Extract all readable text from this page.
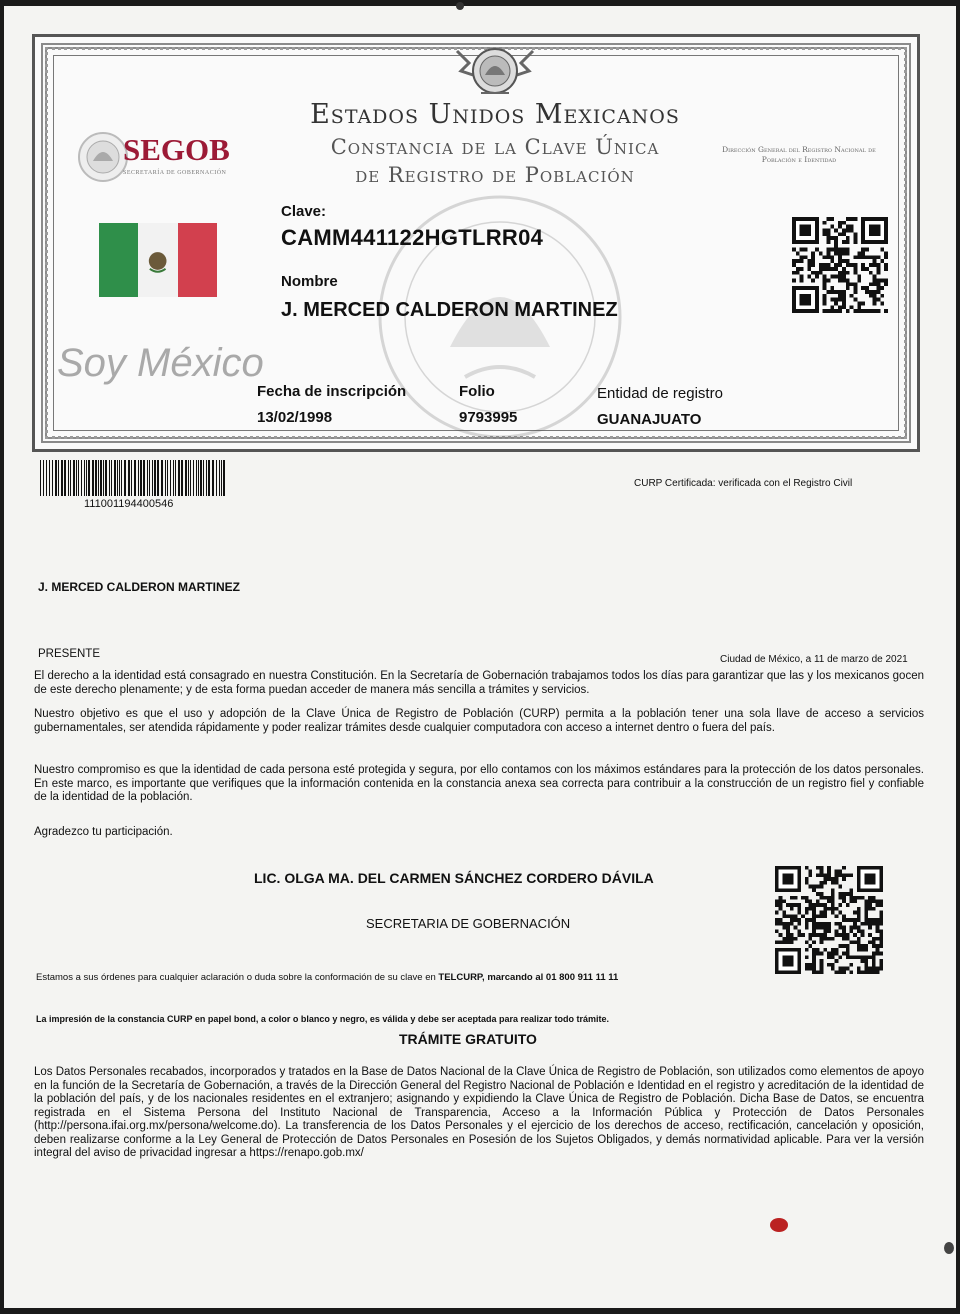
Estados Unidos Mexicanos
Constancia de la Clave Única
de Registro de Población
SEGOB
SECRETARÍA DE GOBERNACIÓN
Dirección General del Registro Nacional de Población e Identidad
Clave:
CAMM441122HGTLRR04
Nombre
J. MERCED CALDERON MARTINEZ
Soy México
Fecha de inscripción
13/02/1998
Folio
9793995
Entidad de registro
GUANAJUATO
111001194400546
CURP Certificada: verificada con el Registro Civil
J. MERCED CALDERON MARTINEZ
PRESENTE	Ciudad de México, a 11 de marzo de 2021
El derecho a la identidad está consagrado en nuestra Constitución. En la Secretaría de Gobernación trabajamos todos los días para garantizar que las y los mexicanos gocen de este derecho plenamente; y de esta forma puedan acceder de manera más sencilla a trámites y servicios.
Nuestro objetivo es que el uso y adopción de la Clave Única de Registro de Población (CURP) permita a la población tener una sola llave de acceso a servicios gubernamentales, ser atendida rápidamente y poder realizar trámites desde cualquier computadora con acceso a internet dentro o fuera del país.
Nuestro compromiso es que la identidad de cada persona esté protegida y segura, por ello contamos con los máximos estándares para la protección de los datos personales. En este marco, es importante que verifiques que la información contenida en la constancia anexa sea correcta para contribuir a la construcción de un registro fiel y confiable de la identidad de la población.
Agradezco tu participación.
LIC. OLGA MA. DEL CARMEN SÁNCHEZ CORDERO DÁVILA
SECRETARIA DE GOBERNACIÓN
Estamos a sus órdenes para cualquier aclaración o duda sobre la conformación de su clave en TELCURP, marcando al 01 800 911 11 11
La impresión de la constancia CURP en papel bond, a color o blanco y negro, es válida y debe ser aceptada para realizar todo trámite.
TRÁMITE GRATUITO
Los Datos Personales recabados, incorporados y tratados en la Base de Datos Nacional de la Clave Única de Registro de Población, son utilizados como elementos de apoyo en la función de la Secretaría de Gobernación, a través de la Dirección General del Registro Nacional de Población e Identidad en el registro y acreditación de la identidad de la población del país, y de los nacionales residentes en el extranjero; asignando y expidiendo la Clave Única de Registro de Población. Dicha Base de Datos, se encuentra registrada en el Sistema Persona del Instituto Nacional de Transparencia, Acceso a la Información Pública y Protección de Datos Personales (http://persona.ifai.org.mx/persona/welcome.do). La transferencia de los Datos Personales y el ejercicio de los derechos de acceso, rectificación, cancelación y oposición, deben realizarse conforme a la Ley General de Protección de Datos Personales en Posesión de los Sujetos Obligados, y demás normatividad aplicable. Para ver la versión integral del aviso de privacidad ingresar a https://renapo.gob.mx/
